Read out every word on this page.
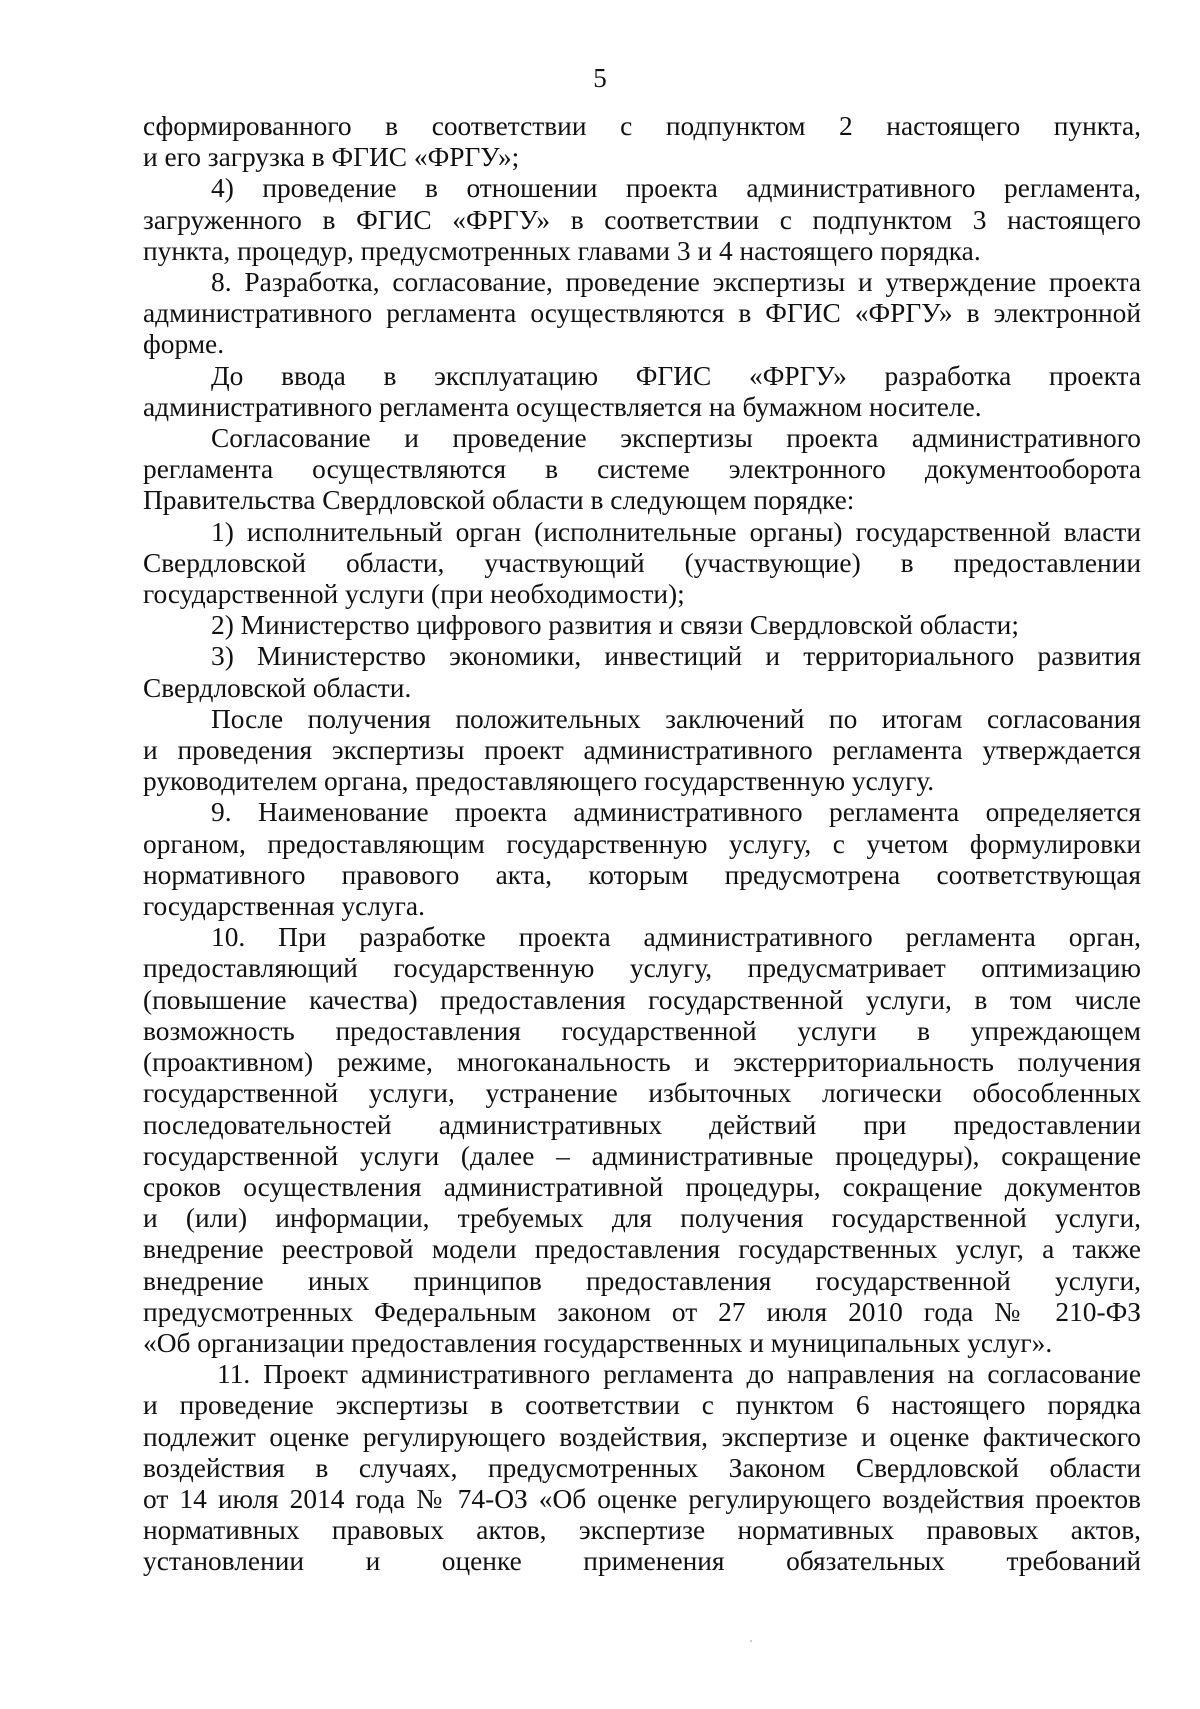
5
сформированного в соответствии с подпунктом 2 настоящего пункта,
и его загрузка в ФГИС «ФРГУ»;
4) проведение в отношении проекта административного регламента,
загруженного в ФГИС «ФРГУ» в соответствии с подпунктом 3 настоящего
пункта, процедур, предусмотренных главами 3 и 4 настоящего порядка.
8. Разработка, согласование, проведение экспертизы и утверждение проекта
административного регламента осуществляются в ФГИС «ФРГУ» в электронной
форме.
До ввода в эксплуатацию ФГИС «ФРГУ» разработка проекта
административного регламента осуществляется на бумажном носителе.
Согласование и проведение экспертизы проекта административного
регламента осуществляются в системе электронного документооборота
Правительства Свердловской области в следующем порядке:
1) исполнительный орган (исполнительные органы) государственной власти
Свердловской области, участвующий (участвующие) в предоставлении
государственной услуги (при необходимости);
2) Министерство цифрового развития и связи Свердловской области;
3) Министерство экономики, инвестиций и территориального развития
Свердловской области.
После получения положительных заключений по итогам согласования
и проведения экспертизы проект административного регламента утверждается
руководителем органа, предоставляющего государственную услугу.
9. Наименование проекта административного регламента определяется
органом, предоставляющим государственную услугу, с учетом формулировки
нормативного правового акта, которым предусмотрена соответствующая
государственная услуга.
10. При разработке проекта административного регламента орган,
предоставляющий государственную услугу, предусматривает оптимизацию
(повышение качества) предоставления государственной услуги, в том числе
возможность предоставления государственной услуги в упреждающем
(проактивном) режиме, многоканальность и экстерриториальность получения
государственной услуги, устранение избыточных логически обособленных
последовательностей административных действий при предоставлении
государственной услуги (далее – административные процедуры), сокращение
сроков осуществления административной процедуры, сокращение документов
и (или) информации, требуемых для получения государственной услуги,
внедрение реестровой модели предоставления государственных услуг, а также
внедрение иных принципов предоставления государственной услуги,
предусмотренных Федеральным законом от 27 июля 2010 года № 210-ФЗ
«Об организации предоставления государственных и муниципальных услуг».
11. Проект административного регламента до направления на согласование
и проведение экспертизы в соответствии с пунктом 6 настоящего порядка
подлежит оценке регулирующего воздействия, экспертизе и оценке фактического
воздействия в случаях, предусмотренных Законом Свердловской области
от 14 июля 2014 года № 74-ОЗ «Об оценке регулирующего воздействия проектов
нормативных правовых актов, экспертизе нормативных правовых актов,
установлении и оценке применения обязательных требований
